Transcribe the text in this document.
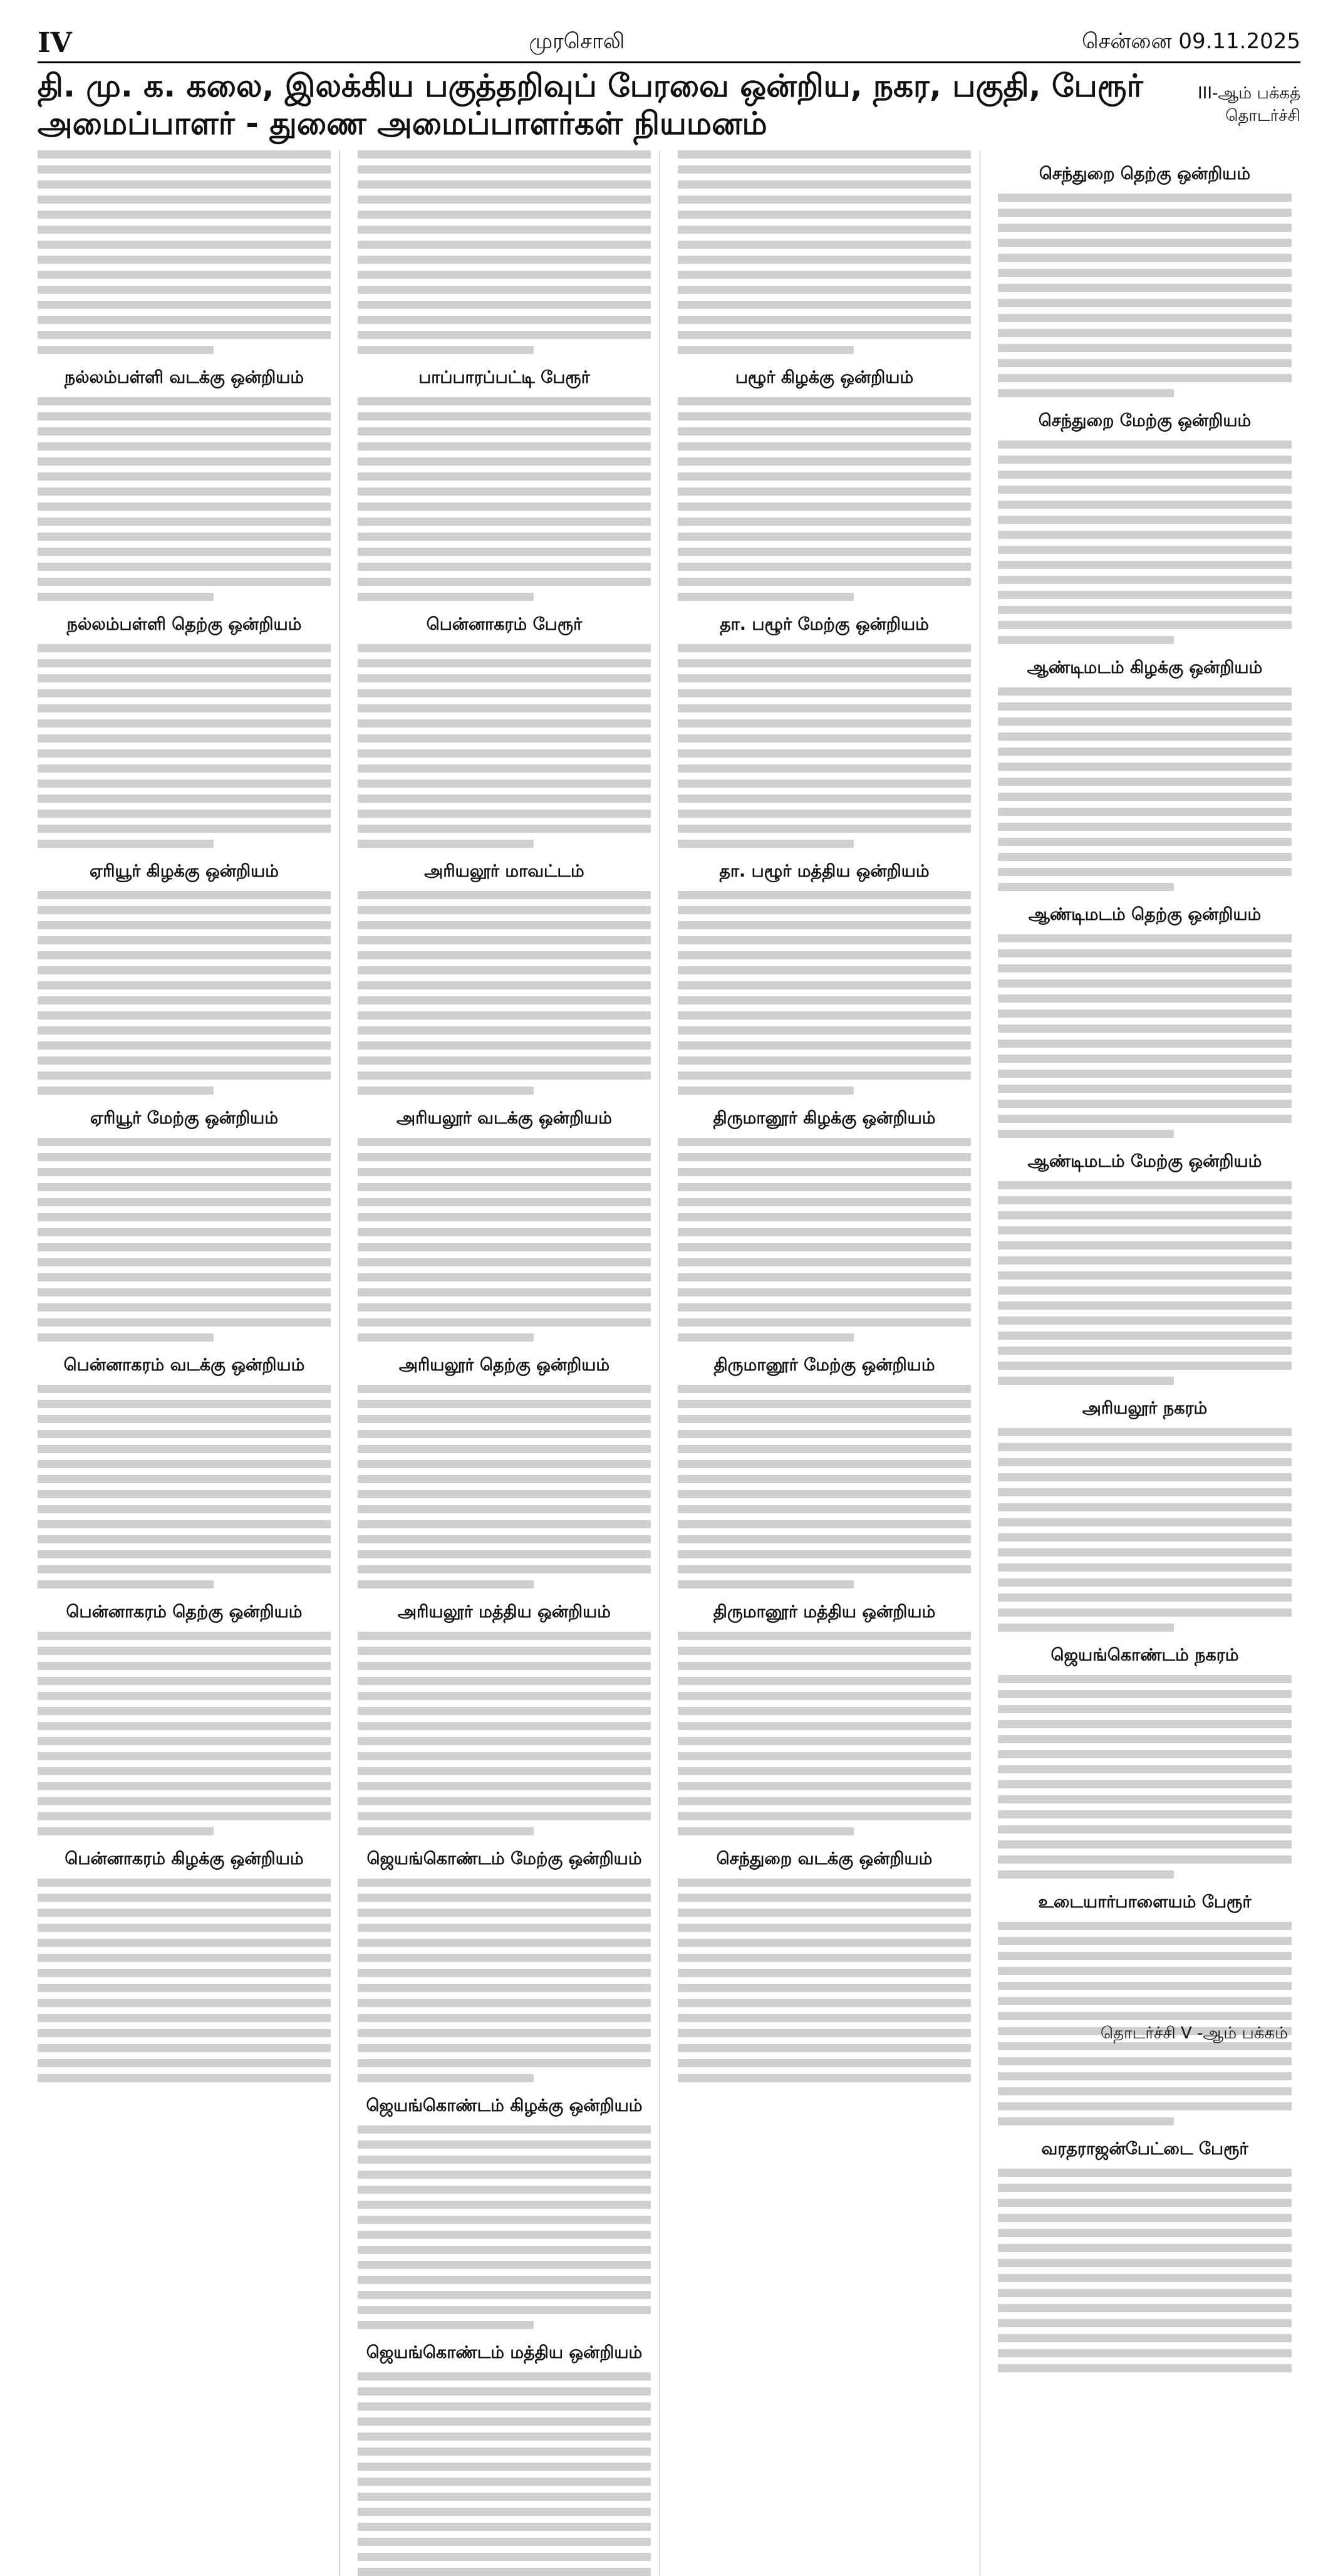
IV	முரசொலி	சென்னை 09.11.2025
தி. மு. க. கலை, இலக்கிய பகுத்தறிவுப் பேரவை ஒன்றிய, நகர, பகுதி, பேரூர் அமைப்பாளர் - துணை அமைப்பாளர்கள் நியமனம்
III-ஆம் பக்கத் தொடர்ச்சி
நல்லம்பள்ளி வடக்கு ஒன்றியம்
நல்லம்பள்ளி தெற்கு ஒன்றியம்
ஏரியூர் கிழக்கு ஒன்றியம்
ஏரியூர் மேற்கு ஒன்றியம்
பென்னாகரம் வடக்கு ஒன்றியம்
பென்னாகரம் தெற்கு ஒன்றியம்
பென்னாகரம் கிழக்கு ஒன்றியம்
பாப்பாரப்பட்டி பேரூர்
பென்னாகரம் பேரூர்
அரியலூர் மாவட்டம்
அரியலூர் வடக்கு ஒன்றியம்
அரியலூர் தெற்கு ஒன்றியம்
அரியலூர் மத்திய ஒன்றியம்
ஜெயங்கொண்டம் மேற்கு ஒன்றியம்
ஜெயங்கொண்டம் கிழக்கு ஒன்றியம்
ஜெயங்கொண்டம் மத்திய ஒன்றியம்
பழூர் கிழக்கு ஒன்றியம்
தா. பழூர் மேற்கு ஒன்றியம்
தா. பழூர் மத்திய ஒன்றியம்
திருமானூர் கிழக்கு ஒன்றியம்
திருமானூர் மேற்கு ஒன்றியம்
திருமானூர் மத்திய ஒன்றியம்
செந்துறை வடக்கு ஒன்றியம்
செந்துறை தெற்கு ஒன்றியம்
செந்துறை மேற்கு ஒன்றியம்
ஆண்டிமடம் கிழக்கு ஒன்றியம்
ஆண்டிமடம் தெற்கு ஒன்றியம்
ஆண்டிமடம் மேற்கு ஒன்றியம்
அரியலூர் நகரம்
ஜெயங்கொண்டம் நகரம்
உடையார்பாளையம் பேரூர்
வரதராஜன்பேட்டை பேரூர்
தொடர்ச்சி V -ஆம் பக்கம்
